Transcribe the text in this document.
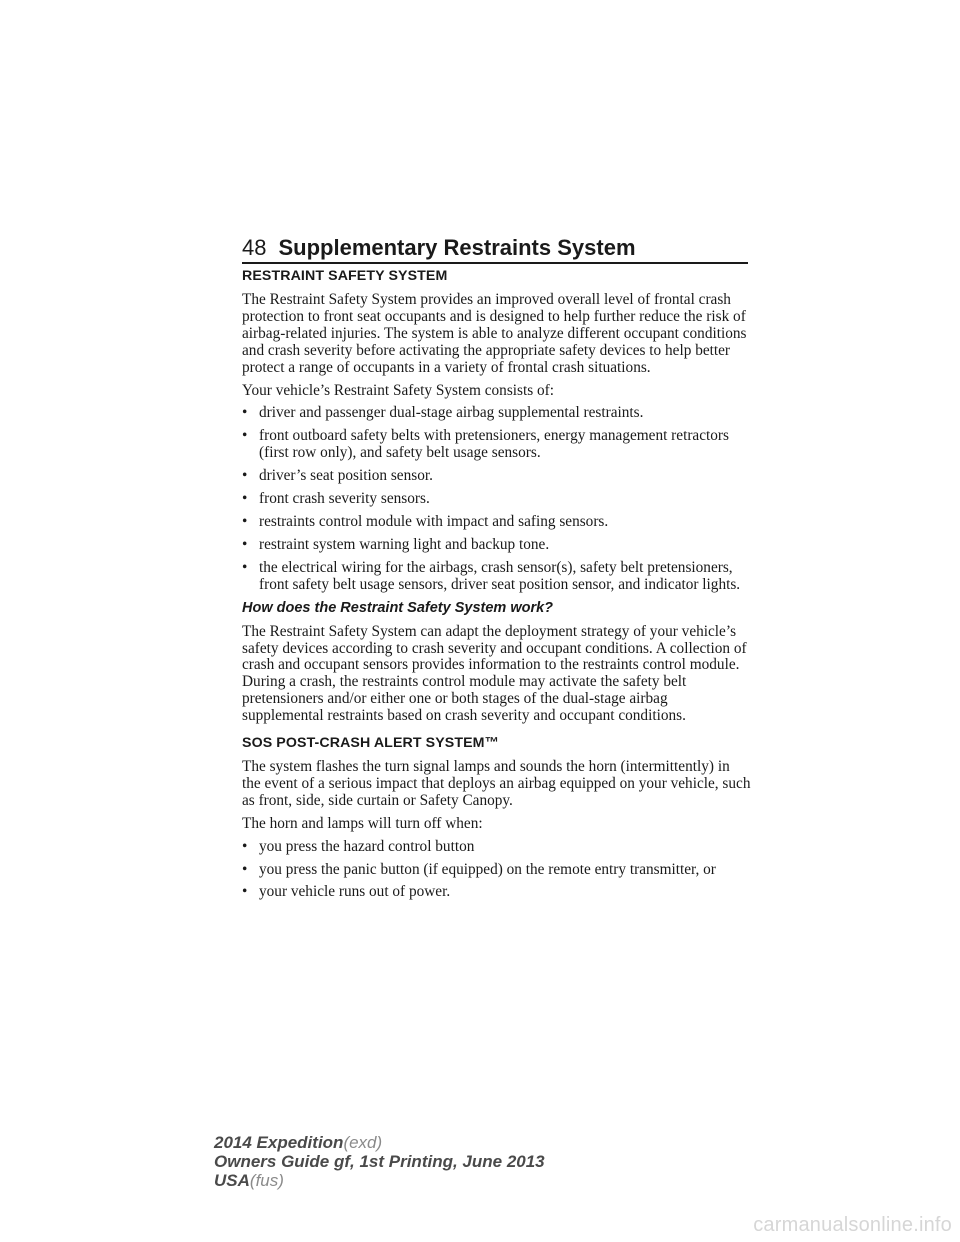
48 Supplementary Restraints System
RESTRAINT SAFETY SYSTEM

The Restraint Safety System provides an improved overall level of frontal crash protection to front seat occupants and is designed to help further reduce the risk of airbag-related injuries. The system is able to analyze different occupant conditions and crash severity before activating the appropriate safety devices to help better protect a range of occupants in a variety of frontal crash situations.

Your vehicle’s Restraint Safety System consists of:

• driver and passenger dual-stage airbag supplemental restraints.
• front outboard safety belts with pretensioners, energy management retractors (first row only), and safety belt usage sensors.
• driver’s seat position sensor.
• front crash severity sensors.
• restraints control module with impact and safing sensors.
• restraint system warning light and backup tone.
• the electrical wiring for the airbags, crash sensor(s), safety belt pretensioners, front safety belt usage sensors, driver seat position sensor, and indicator lights.
How does the Restraint Safety System work?

The Restraint Safety System can adapt the deployment strategy of your vehicle’s safety devices according to crash severity and occupant conditions. A collection of crash and occupant sensors provides information to the restraints control module. During a crash, the restraints control module may activate the safety belt pretensioners and/or either one or both stages of the dual-stage airbag supplemental restraints based on crash severity and occupant conditions.

SOS POST-CRASH ALERT SYSTEM™

The system flashes the turn signal lamps and sounds the horn (intermittently) in the event of a serious impact that deploys an airbag equipped on your vehicle, such as front, side, side curtain or Safety Canopy.

The horn and lamps will turn off when:

• you press the hazard control button
• you press the panic button (if equipped) on the remote entry transmitter, or
• your vehicle runs out of power.
2014 Expedition(exd)
Owners Guide gf, 1st Printing, June 2013
USA(fus)
carmanualsonline.info
